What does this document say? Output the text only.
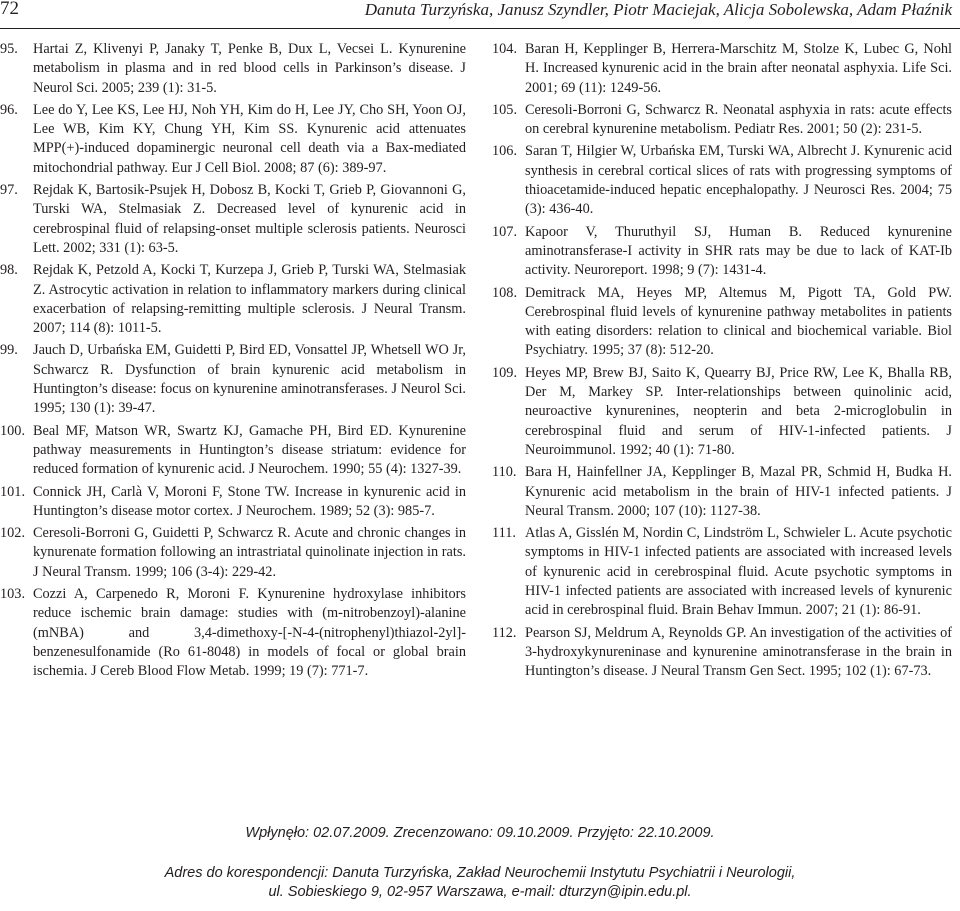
72	Danuta Turzyńska, Janusz Szyndler, Piotr Maciejak, Alicja Sobolewska, Adam Płaźnik
95. Hartai Z, Klivenyi P, Janaky T, Penke B, Dux L, Vecsei L. Kynurenine metabolism in plasma and in red blood cells in Parkinson’s disease. J Neurol Sci. 2005; 239 (1): 31-5.
96. Lee do Y, Lee KS, Lee HJ, Noh YH, Kim do H, Lee JY, Cho SH, Yoon OJ, Lee WB, Kim KY, Chung YH, Kim SS. Kynurenic acid attenuates MPP(+)-induced dopaminergic neuronal cell death via a Bax-mediated mitochondrial pathway. Eur J Cell Biol. 2008; 87 (6): 389-97.
97. Rejdak K, Bartosik-Psujek H, Dobosz B, Kocki T, Grieb P, Giovannoni G, Turski WA, Stelmasiak Z. Decreased level of kynurenic acid in cerebrospinal fluid of relapsing-onset multiple sclerosis patients. Neurosci Lett. 2002; 331 (1): 63-5.
98. Rejdak K, Petzold A, Kocki T, Kurzepa J, Grieb P, Turski WA, Stelmasiak Z. Astrocytic activation in relation to inflammatory markers during clinical exacerbation of relapsing-remitting multiple sclerosis. J Neural Transm. 2007; 114 (8): 1011-5.
99. Jauch D, Urbańska EM, Guidetti P, Bird ED, Vonsattel JP, Whetsell WO Jr, Schwarcz R. Dysfunction of brain kynurenic acid metabolism in Huntington’s disease: focus on kynurenine aminotransferases. J Neurol Sci. 1995; 130 (1): 39-47.
100. Beal MF, Matson WR, Swartz KJ, Gamache PH, Bird ED. Kynurenine pathway measurements in Huntington’s disease striatum: evidence for reduced formation of kynurenic acid. J Neurochem. 1990; 55 (4): 1327-39.
101. Connick JH, Carlà V, Moroni F, Stone TW. Increase in kynurenic acid in Huntington’s disease motor cortex. J Neurochem. 1989; 52 (3): 985-7.
102. Ceresoli-Borroni G, Guidetti P, Schwarcz R. Acute and chronic changes in kynurenate formation following an intrastriatal quinolinate injection in rats. J Neural Transm. 1999; 106 (3-4): 229-42.
103. Cozzi A, Carpenedo R, Moroni F. Kynurenine hydroxylase inhibitors reduce ischemic brain damage: studies with (m-nitrobenzoyl)-alanine (mNBA) and 3,4-dimethoxy-[-N-4-(nitrophenyl)thiazol-2yl]-benzenesulfonamide (Ro 61-8048) in models of focal or global brain ischemia. J Cereb Blood Flow Metab. 1999; 19 (7): 771-7.
104. Baran H, Kepplinger B, Herrera-Marschitz M, Stolze K, Lubec G, Nohl H. Increased kynurenic acid in the brain after neonatal asphyxia. Life Sci. 2001; 69 (11): 1249-56.
105. Ceresoli-Borroni G, Schwarcz R. Neonatal asphyxia in rats: acute effects on cerebral kynurenine metabolism. Pediatr Res. 2001; 50 (2): 231-5.
106. Saran T, Hilgier W, Urbańska EM, Turski WA, Albrecht J. Kynurenic acid synthesis in cerebral cortical slices of rats with progressing symptoms of thioacetamide-induced hepatic encephalopathy. J Neurosci Res. 2004; 75 (3): 436-40.
107. Kapoor V, Thuruthyil SJ, Human B. Reduced kynurenine aminotransferase-I activity in SHR rats may be due to lack of KAT-Ib activity. Neuroreport. 1998; 9 (7): 1431-4.
108. Demitrack MA, Heyes MP, Altemus M, Pigott TA, Gold PW. Cerebrospinal fluid levels of kynurenine pathway metabolites in patients with eating disorders: relation to clinical and biochemical variable. Biol Psychiatry. 1995; 37 (8): 512-20.
109. Heyes MP, Brew BJ, Saito K, Quearry BJ, Price RW, Lee K, Bhalla RB, Der M, Markey SP. Inter-relationships between quinolinic acid, neuroactive kynurenines, neopterin and beta 2-microglobulin in cerebrospinal fluid and serum of HIV-1-infected patients. J Neuroimmunol. 1992; 40 (1): 71-80.
110. Bara H, Hainfellner JA, Kepplinger B, Mazal PR, Schmid H, Budka H. Kynurenic acid metabolism in the brain of HIV-1 infected patients. J Neural Transm. 2000; 107 (10): 1127-38.
111. Atlas A, Gisslén M, Nordin C, Lindström L, Schwieler L. Acute psychotic symptoms in HIV-1 infected patients are associated with increased levels of kynurenic acid in cerebrospinal fluid. Acute psychotic symptoms in HIV-1 infected patients are associated with increased levels of kynurenic acid in cerebrospinal fluid. Brain Behav Immun. 2007; 21 (1): 86-91.
112. Pearson SJ, Meldrum A, Reynolds GP. An investigation of the activities of 3-hydroxykynureninase and kynurenine aminotransferase in the brain in Huntington’s disease. J Neural Transm Gen Sect. 1995; 102 (1): 67-73.
Wpłynęło: 02.07.2009. Zrecenzowano: 09.10.2009. Przyjęto: 22.10.2009.
Adres do korespondencji: Danuta Turzyńska, Zakład Neurochemii Instytutu Psychiatrii i Neurologii,
ul. Sobieskiego 9, 02-957 Warszawa, e-mail: dturzyn@ipin.edu.pl.
